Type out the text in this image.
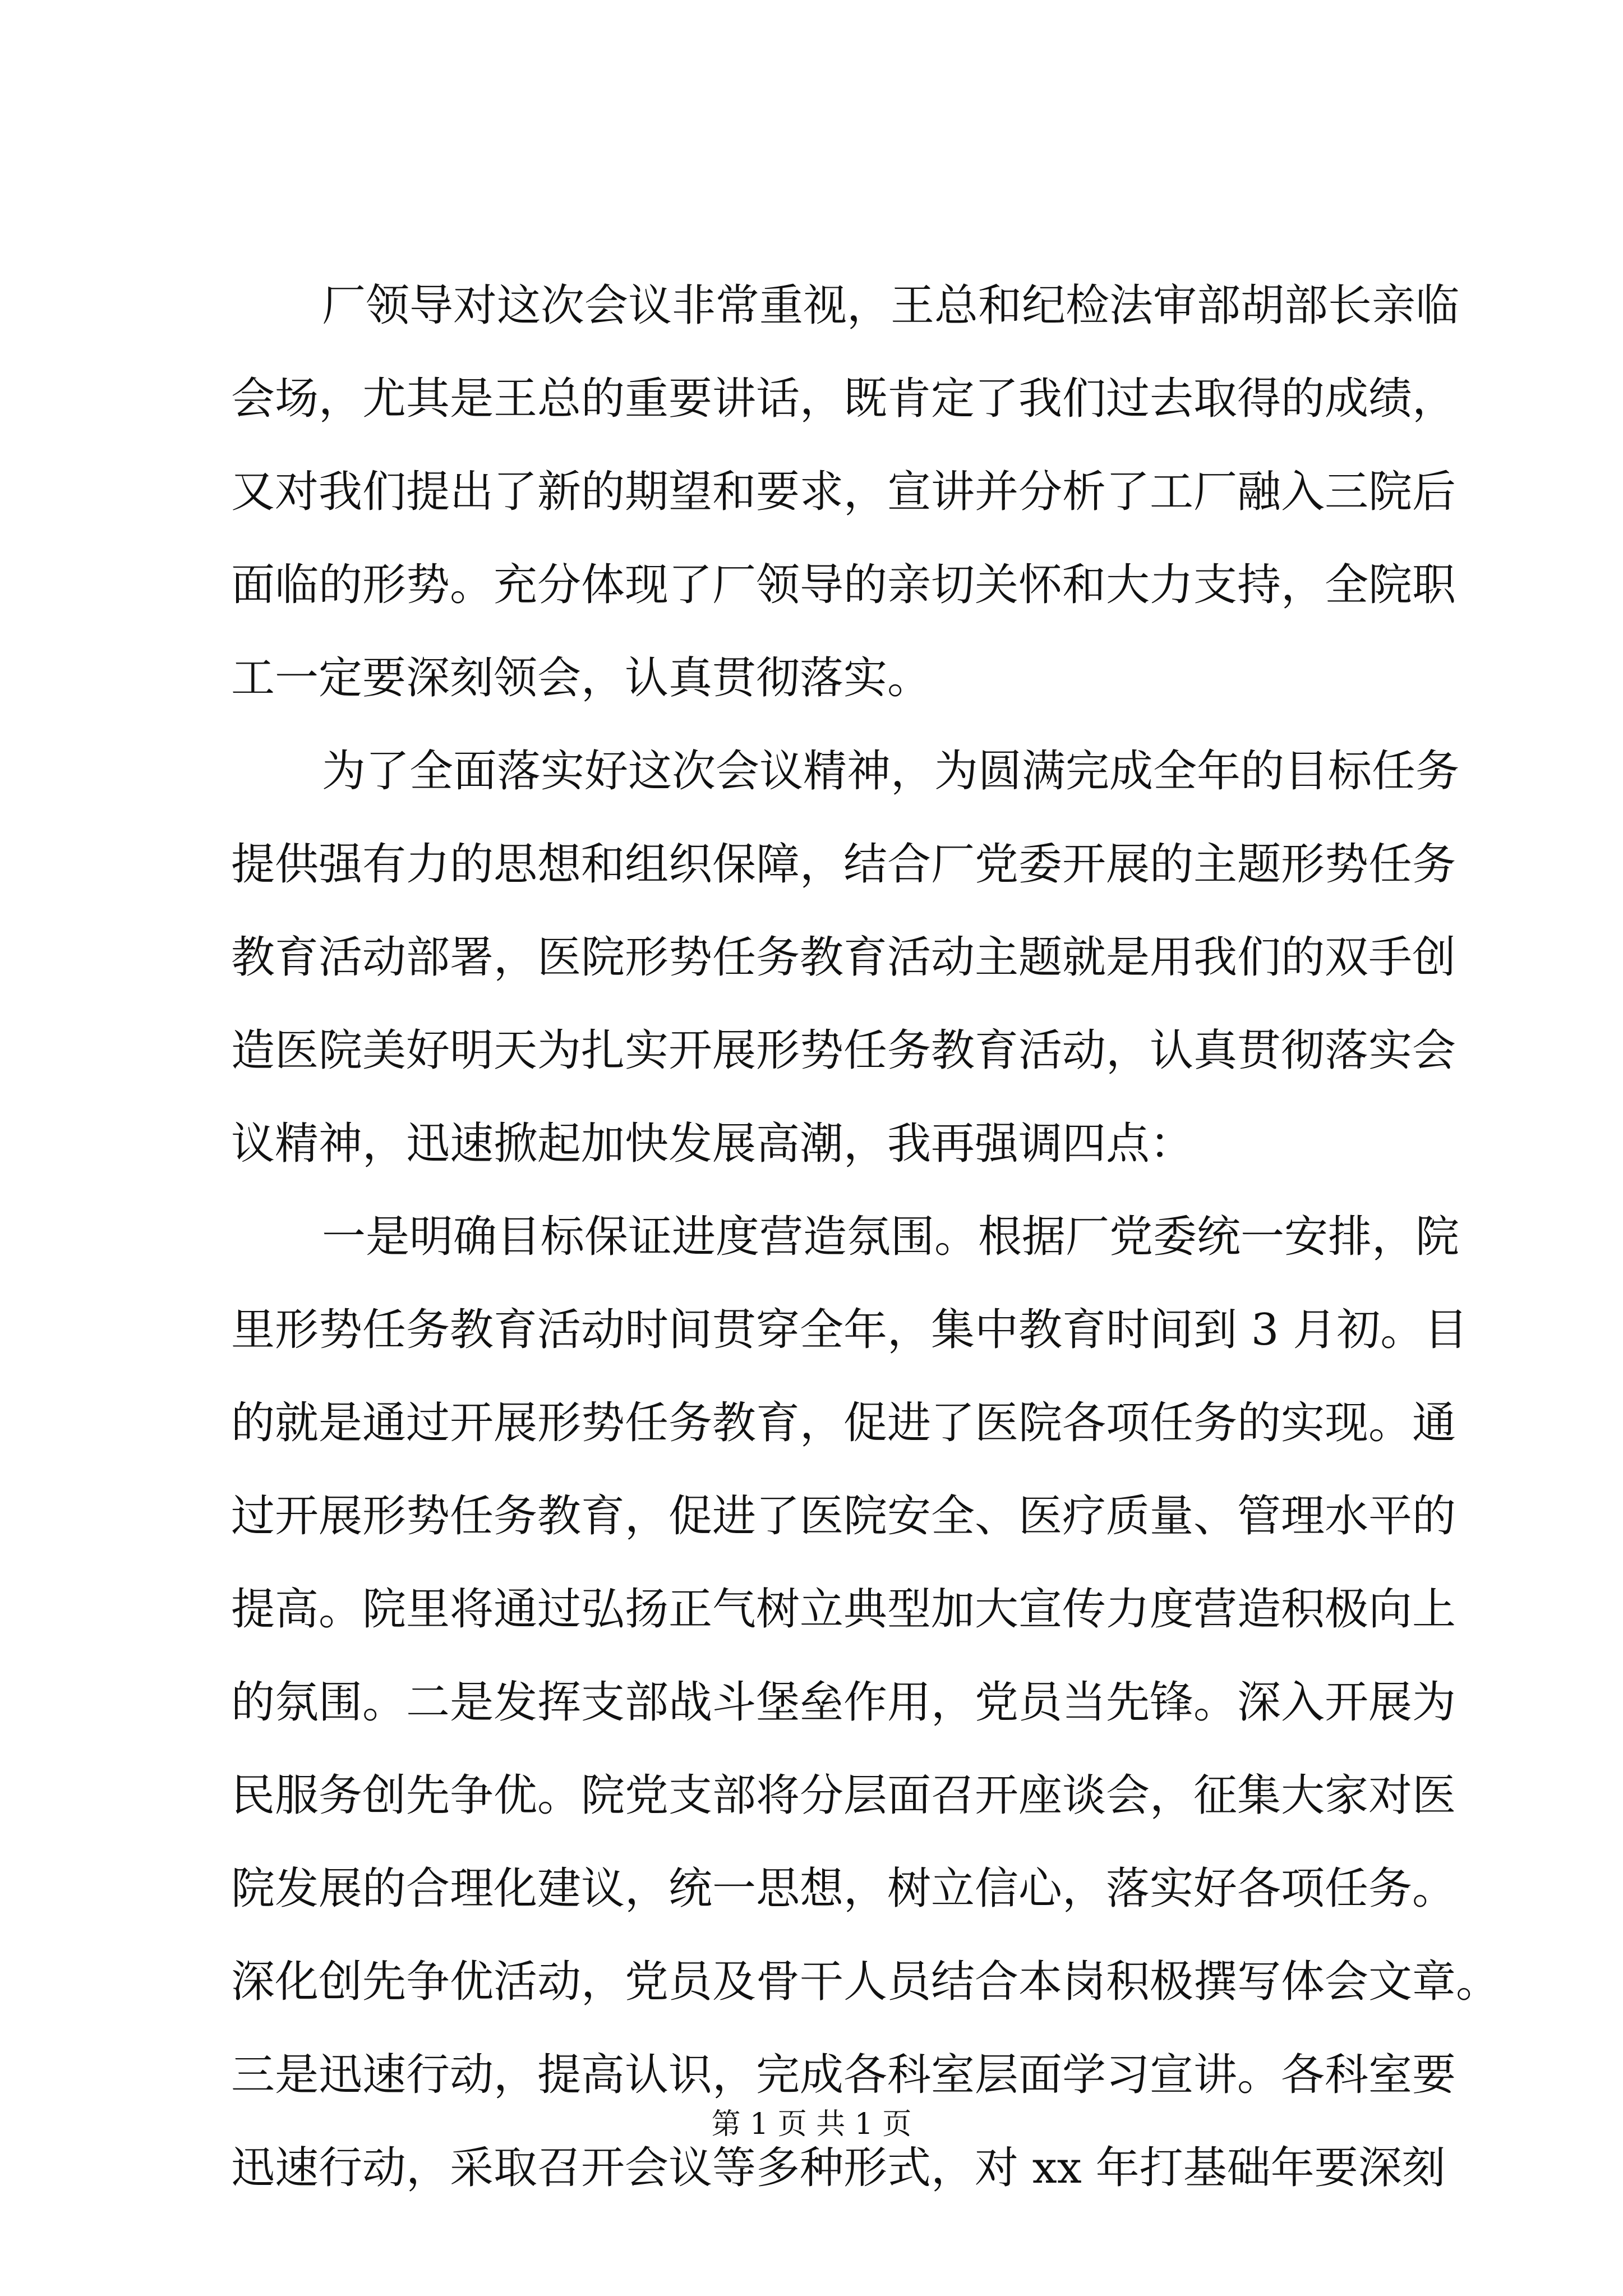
厂领导对这次会议非常重视，王总和纪检法审部胡部长亲临
会场，尤其是王总的重要讲话，既肯定了我们过去取得的成绩，
又对我们提出了新的期望和要求，宣讲并分析了工厂融入三院后
面临的形势。充分体现了厂领导的亲切关怀和大力支持，全院职
工一定要深刻领会，认真贯彻落实。
为了全面落实好这次会议精神，为圆满完成全年的目标任务
提供强有力的思想和组织保障，结合厂党委开展的主题形势任务
教育活动部署，医院形势任务教育活动主题就是用我们的双手创
造医院美好明天为扎实开展形势任务教育活动，认真贯彻落实会
议精神，迅速掀起加快发展高潮，我再强调四点：
一是明确目标保证进度营造氛围。根据厂党委统一安排，院
里形势任务教育活动时间贯穿全年，集中教育时间到 3 月初。目
的就是通过开展形势任务教育，促进了医院各项任务的实现。通
过开展形势任务教育，促进了医院安全、医疗质量、管理水平的
提高。院里将通过弘扬正气树立典型加大宣传力度营造积极向上
的氛围。二是发挥支部战斗堡垒作用，党员当先锋。深入开展为
民服务创先争优。院党支部将分层面召开座谈会，征集大家对医
院发展的合理化建议，统一思想，树立信心，落实好各项任务。
深化创先争优活动，党员及骨干人员结合本岗积极撰写体会文章。
三是迅速行动，提高认识，完成各科室层面学习宣讲。各科室要
迅速行动，采取召开会议等多种形式，对 xx 年打基础年要深刻
第 1 页 共 1 页
